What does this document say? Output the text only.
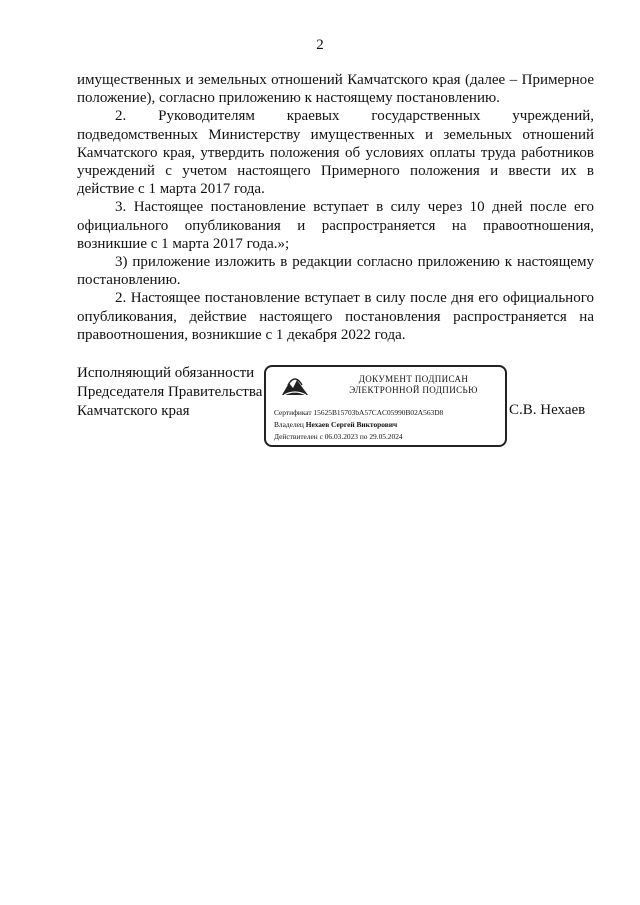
2

имущественных и земельных отношений Камчатского края (далее – Примерное положение), согласно приложению к настоящему постановлению.

2. Руководителям краевых государственных учреждений, подведомственных Министерству имущественных и земельных отношений Камчатского края, утвердить положения об условиях оплаты труда работников учреждений с учетом настоящего Примерного положения и ввести их в действие с 1 марта 2017 года.

3. Настоящее постановление вступает в силу через 10 дней после его официального опубликования и распространяется на правоотношения, возникшие с 1 марта 2017 года.»;

3) приложение изложить в редакции согласно приложению к настоящему постановлению.

2. Настоящее постановление вступает в силу после дня его официального опубликования, действие настоящего постановления распространяется на правоотношения, возникшие с 1 декабря 2022 года.

Исполняющий обязанности
Председателя Правительства
Камчатского края
ДОКУМЕНТ ПОДПИСАН
ЭЛЕКТРОННОЙ ПОДПИСЬЮ
Сертификат 15625B15703bA57CAC05990B02A563D8
Владелец Нехаев Сергей Викторович
Действителен с 06.03.2023 по 29.05.2024
С.В. Нехаев
